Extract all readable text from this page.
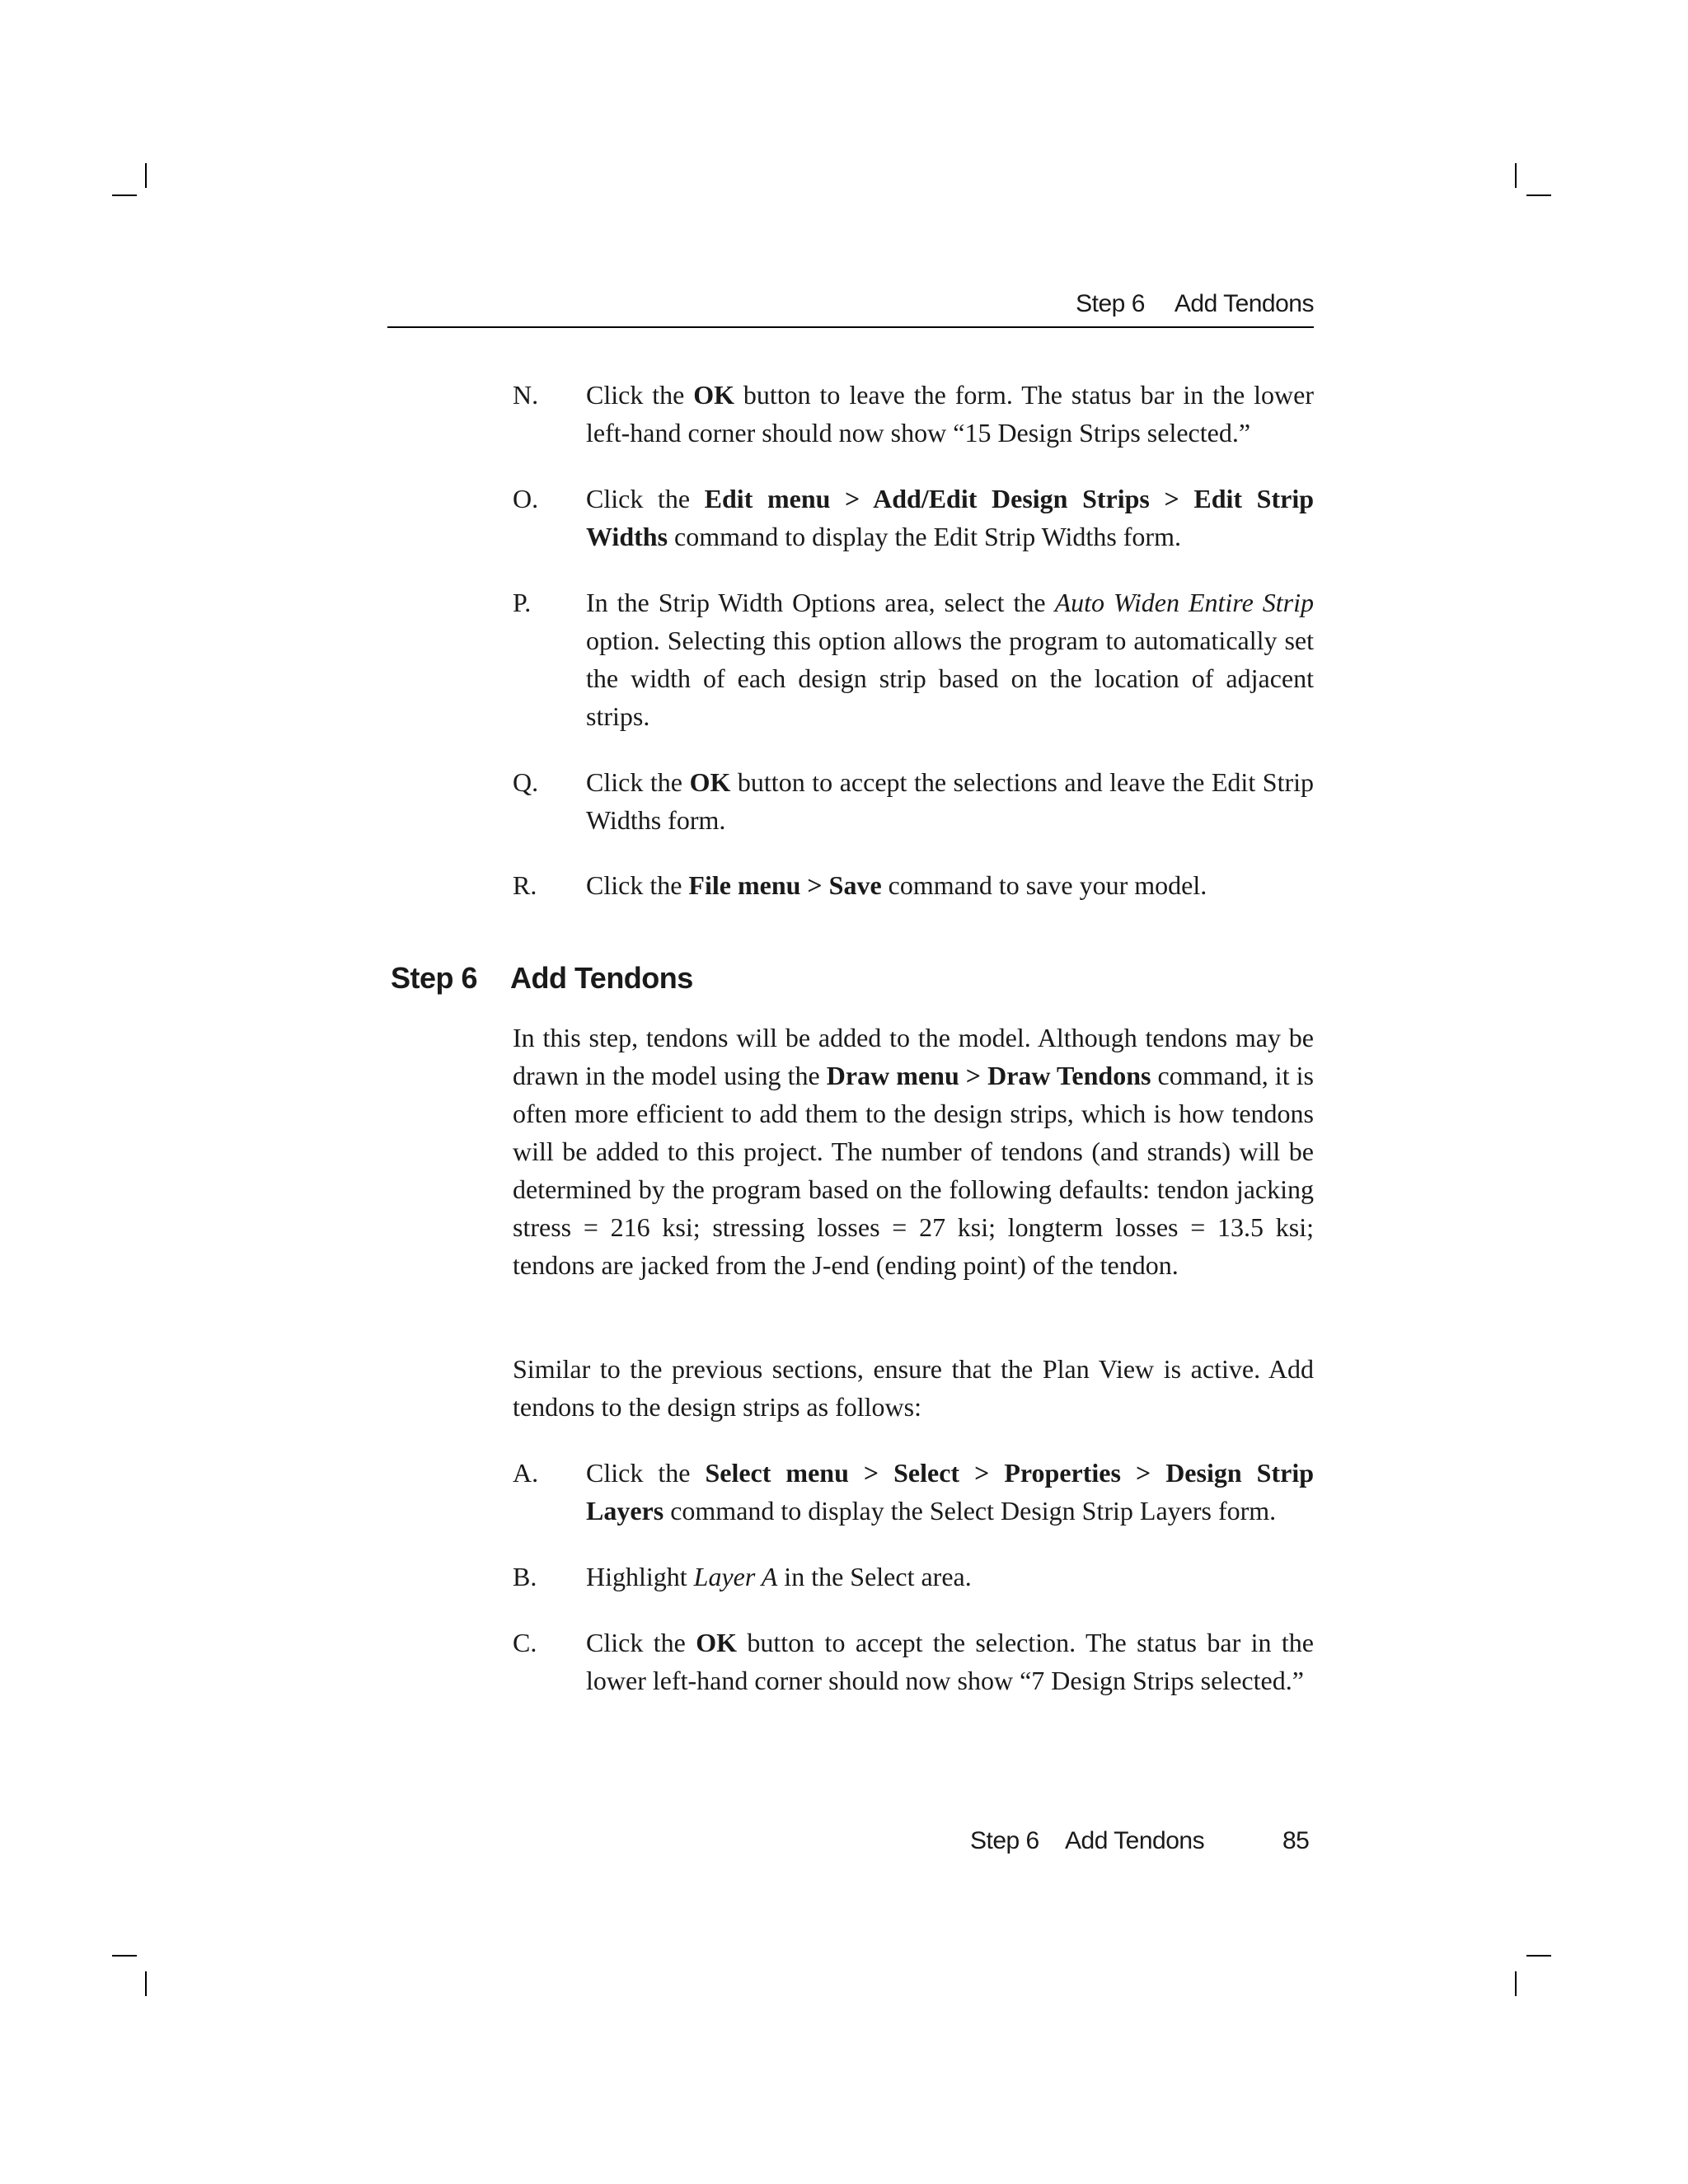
Step 6 Add Tendons
N. Click the OK button to leave the form. The status bar in the lower left-hand corner should now show “15 Design Strips selected.”
O. Click the Edit menu > Add/Edit Design Strips > Edit Strip Widths command to display the Edit Strip Widths form.
P. In the Strip Width Options area, select the Auto Widen Entire Strip option. Selecting this option allows the program to automatically set the width of each design strip based on the location of adjacent strips.
Q. Click the OK button to accept the selections and leave the Edit Strip Widths form.
R. Click the File menu > Save command to save your model.
Step 6 Add Tendons
In this step, tendons will be added to the model. Although tendons may be drawn in the model using the Draw menu > Draw Tendons command, it is often more efficient to add them to the design strips, which is how tendons will be added to this project. The number of tendons (and strands) will be determined by the program based on the following defaults: tendon jacking stress = 216 ksi; stressing losses = 27 ksi; longterm losses = 13.5 ksi; tendons are jacked from the J-end (ending point) of the tendon.
Similar to the previous sections, ensure that the Plan View is active. Add tendons to the design strips as follows:
A. Click the Select menu > Select > Properties > Design Strip Layers command to display the Select Design Strip Layers form.
B. Highlight Layer A in the Select area.
C. Click the OK button to accept the selection. The status bar in the lower left-hand corner should now show “7 Design Strips selected.”
Step 6 Add Tendons	85
